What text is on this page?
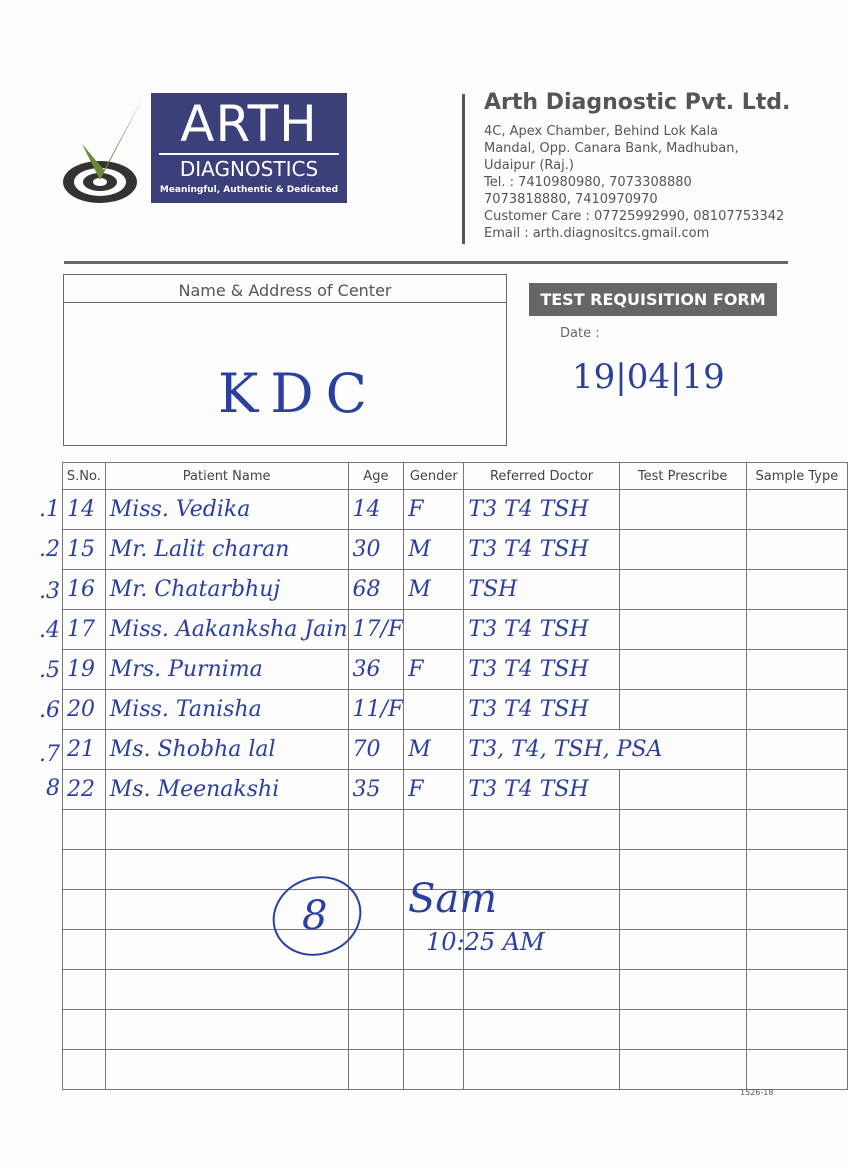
ARTH
DIAGNOSTICS
Meaningful, Authentic & Dedicated
Arth Diagnostic Pvt. Ltd.
4C, Apex Chamber, Behind Lok Kala
Mandal, Opp. Canara Bank, Madhuban,
Udaipur (Raj.)
Tel. : 7410980980, 7073308880
7073818880, 7410970970
Customer Care : 07725992990, 08107753342
Email : arth.diagnositcs.gmail.com
Name & Address of Center
KDC
TEST REQUISITION FORM
Date :
19|04|19
.1
.2
.3
.4
.5
.6
.7
8
S.No.	Patient Name	Age	Gender	Referred Doctor	Test Prescribe	Sample Type
14	Miss. Vedika	14	F	T3 T4 TSH		
15	Mr. Lalit charan	30	M	T3 T4 TSH		
16	Mr. Chatarbhuj	68	M	TSH		
17	Miss. Aakanksha Jain	17/F		T3 T4 TSH		
19	Mrs. Purnima	36	F	T3 T4 TSH		
20	Miss. Tanisha	11/F		T3 T4 TSH		
21	Ms. Shobha lal	70	M	T3, T4, TSH, PSA		
22	Ms. Meenakshi	35	F	T3 T4 TSH		

8 Sam
10:25 AM
1526-18
